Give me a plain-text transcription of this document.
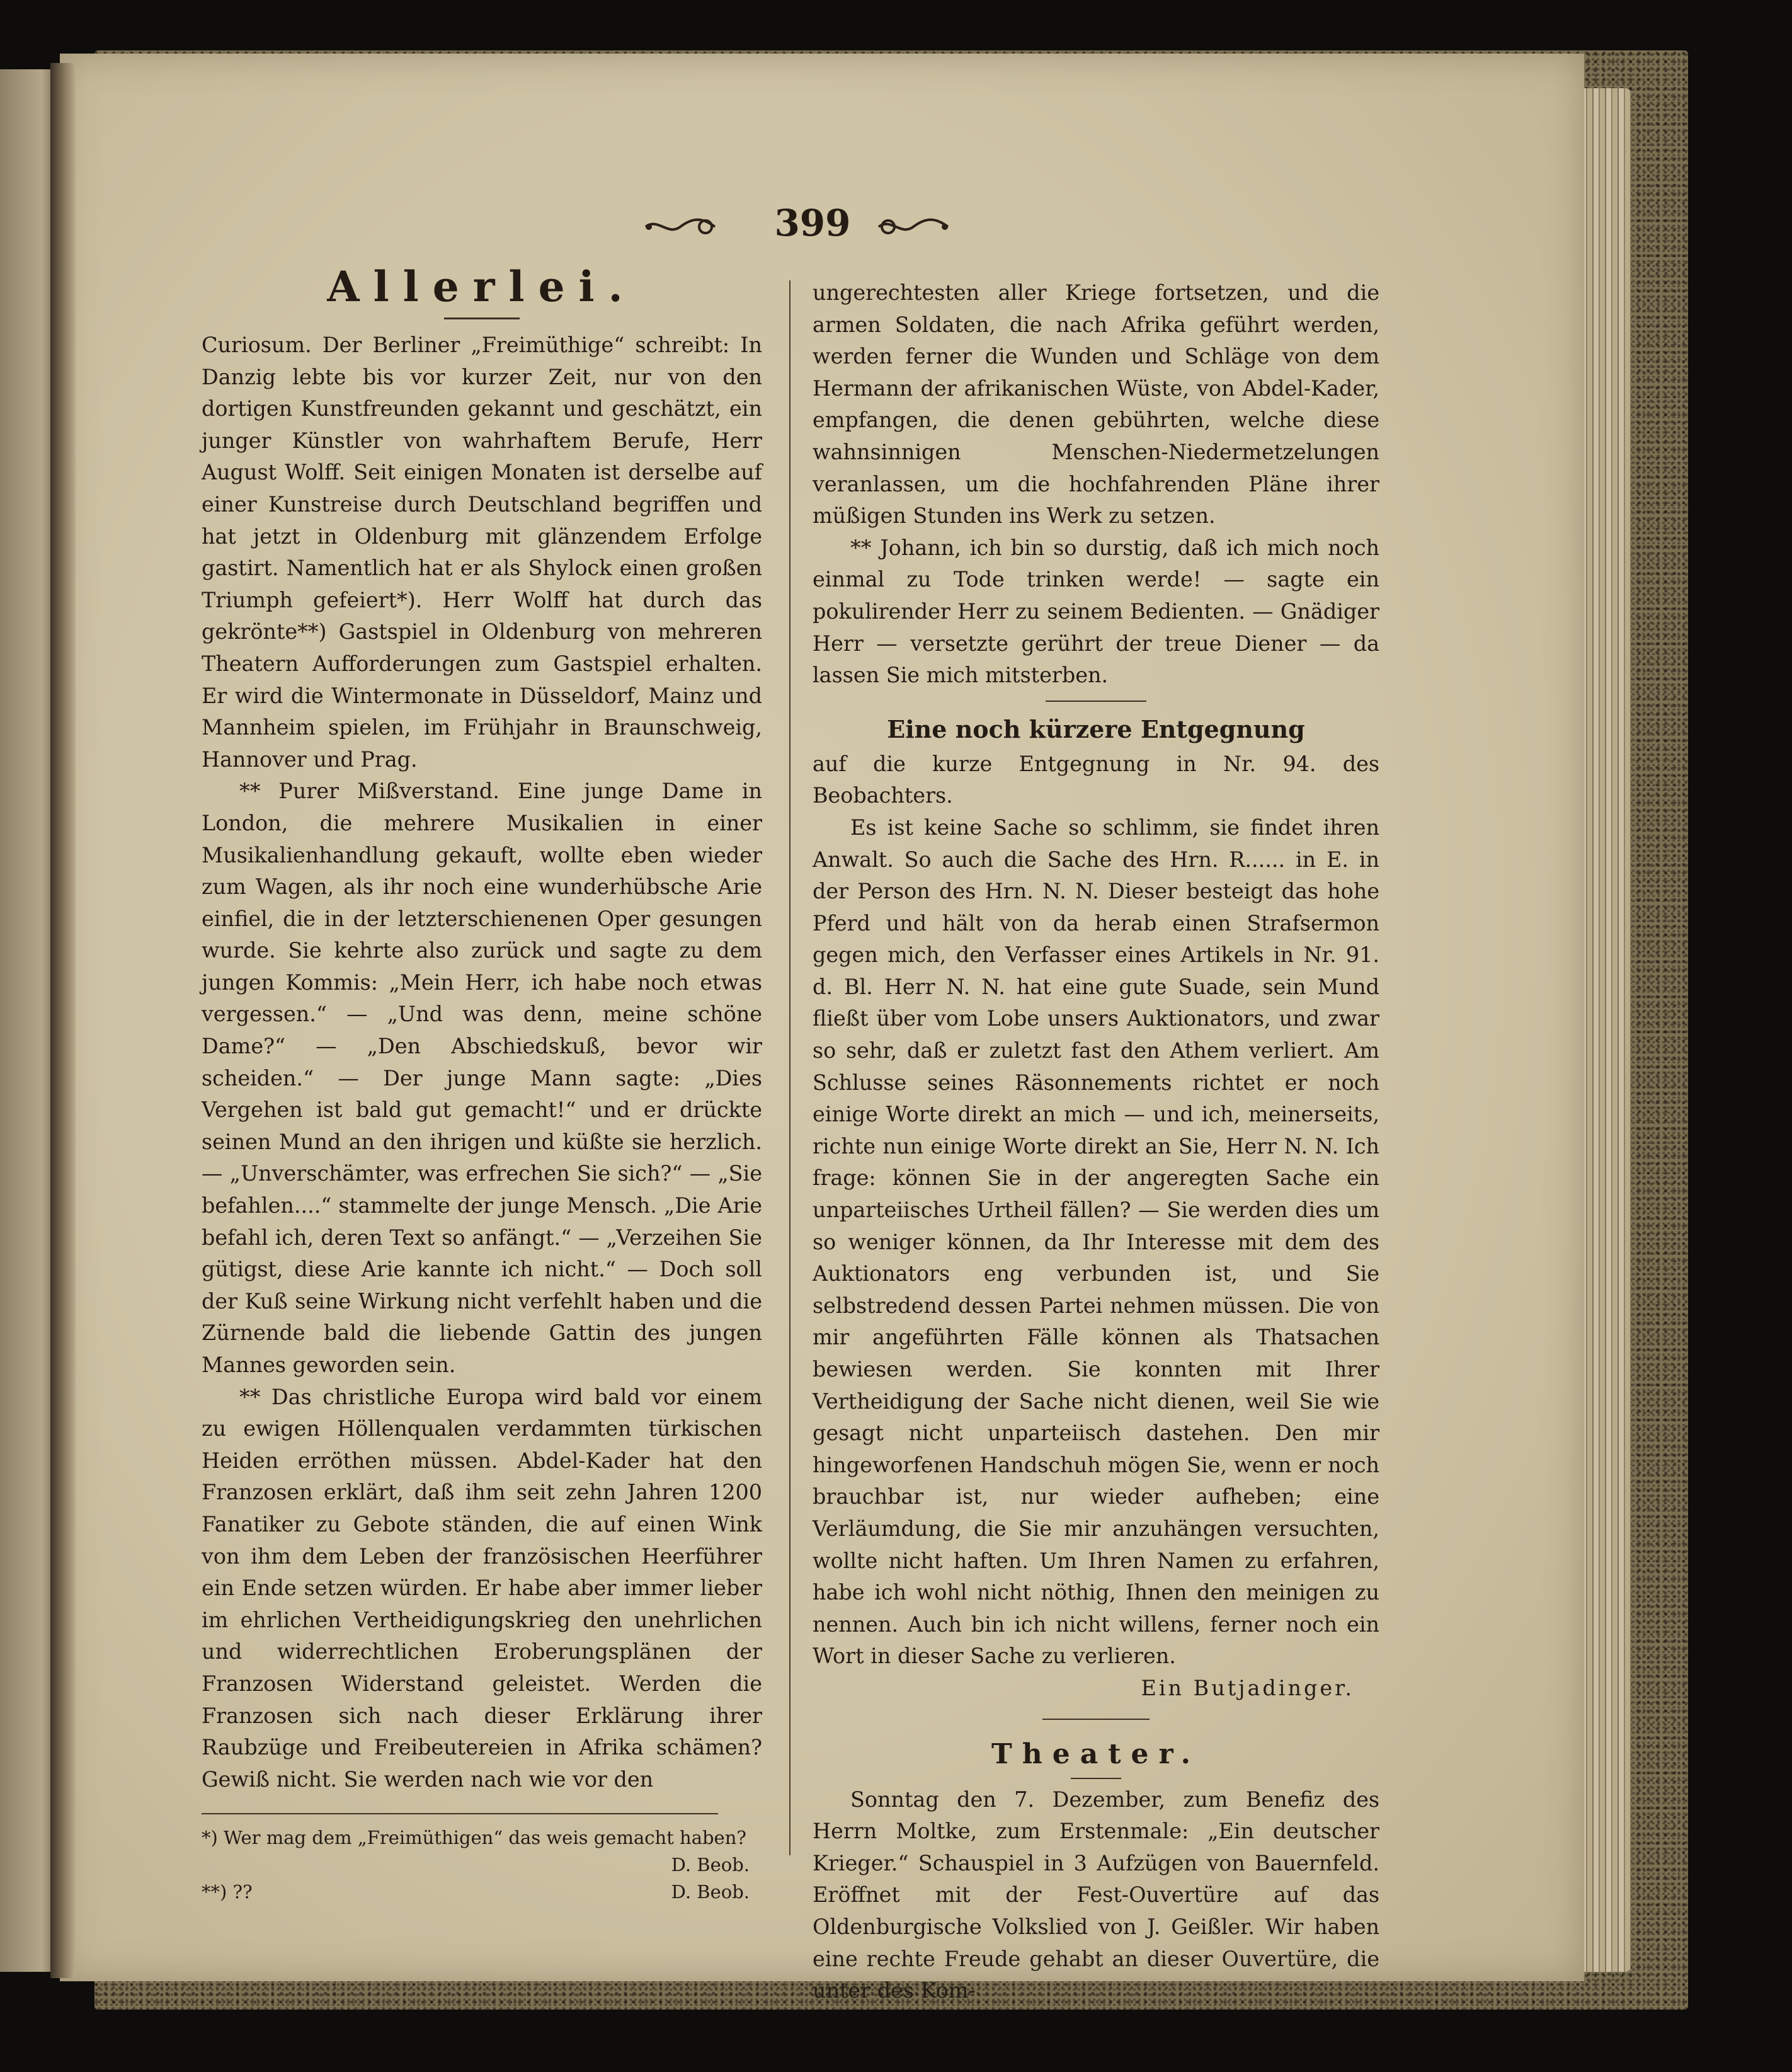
399
Allerlei.

Curiosum. Der Berliner „Freimüthige“ schreibt: In Danzig lebte bis vor kurzer Zeit, nur von den dortigen Kunstfreunden gekannt und geschätzt, ein junger Künstler von wahrhaftem Berufe, Herr August Wolff. Seit einigen Monaten ist derselbe auf einer Kunstreise durch Deutschland begriffen und hat jetzt in Oldenburg mit glänzendem Erfolge gastirt. Namentlich hat er als Shylock einen großen Triumph gefeiert*). Herr Wolff hat durch das gekrönte**) Gastspiel in Oldenburg von mehreren Theatern Aufforderungen zum Gastspiel erhalten. Er wird die Wintermonate in Düsseldorf, Mainz und Mannheim spielen, im Frühjahr in Braunschweig, Hannover und Prag.

** Purer Mißverstand. Eine junge Dame in London, die mehrere Musikalien in einer Musikalienhandlung gekauft, wollte eben wieder zum Wagen, als ihr noch eine wunderhübsche Arie einfiel, die in der letzterschienenen Oper gesungen wurde. Sie kehrte also zurück und sagte zu dem jungen Kommis: „Mein Herr, ich habe noch etwas vergessen.“ — „Und was denn, meine schöne Dame?“ — „Den Abschiedskuß, bevor wir scheiden.“ — Der junge Mann sagte: „Dies Vergehen ist bald gut gemacht!“ und er drückte seinen Mund an den ihrigen und küßte sie herzlich. — „Unverschämter, was erfrechen Sie sich?“ — „Sie befahlen....“ stammelte der junge Mensch. „Die Arie befahl ich, deren Text so anfängt.“ — „Verzeihen Sie gütigst, diese Arie kannte ich nicht.“ — Doch soll der Kuß seine Wirkung nicht verfehlt haben und die Zürnende bald die liebende Gattin des jungen Mannes geworden sein.

** Das christliche Europa wird bald vor einem zu ewigen Höllenqualen verdammten türkischen Heiden erröthen müssen. Abdel-Kader hat den Franzosen erklärt, daß ihm seit zehn Jahren 1200 Fanatiker zu Gebote ständen, die auf einen Wink von ihm dem Leben der französischen Heerführer ein Ende setzen würden. Er habe aber immer lieber im ehrlichen Vertheidigungskrieg den unehrlichen und widerrechtlichen Eroberungsplänen der Franzosen Widerstand geleistet. Werden die Franzosen sich nach dieser Erklärung ihrer Raubzüge und Freibeutereien in Afrika schämen? Gewiß nicht. Sie werden nach wie vor den

*) Wer mag dem „Freimüthigen“ das weis gemacht haben?
D. Beob.
**) ??	D. Beob.

ungerechtesten aller Kriege fortsetzen, und die armen Soldaten, die nach Afrika geführt werden, werden ferner die Wunden und Schläge von dem Hermann der afrikanischen Wüste, von Abdel-Kader, empfangen, die denen gebührten, welche diese wahnsinnigen Menschen-Niedermetzelungen veranlassen, um die hochfahrenden Pläne ihrer müßigen Stunden ins Werk zu setzen.

** Johann, ich bin so durstig, daß ich mich noch einmal zu Tode trinken werde! — sagte ein pokulirender Herr zu seinem Bedienten. — Gnädiger Herr — versetzte gerührt der treue Diener — da lassen Sie mich mitsterben.

Eine noch kürzere Entgegnung

auf die kurze Entgegnung in Nr. 94. des Beobachters.

Es ist keine Sache so schlimm, sie findet ihren Anwalt. So auch die Sache des Hrn. R...... in E. in der Person des Hrn. N. N. Dieser besteigt das hohe Pferd und hält von da herab einen Strafsermon gegen mich, den Verfasser eines Artikels in Nr. 91. d. Bl. Herr N. N. hat eine gute Suade, sein Mund fließt über vom Lobe unsers Auktionators, und zwar so sehr, daß er zuletzt fast den Athem verliert. Am Schlusse seines Räsonnements richtet er noch einige Worte direkt an mich — und ich, meinerseits, richte nun einige Worte direkt an Sie, Herr N. N. Ich frage: können Sie in der angeregten Sache ein unparteiisches Urtheil fällen? — Sie werden dies um so weniger können, da Ihr Interesse mit dem des Auktionators eng verbunden ist, und Sie selbstredend dessen Partei nehmen müssen. Die von mir angeführten Fälle können als Thatsachen bewiesen werden. Sie konnten mit Ihrer Vertheidigung der Sache nicht dienen, weil Sie wie gesagt nicht unparteiisch dastehen. Den mir hingeworfenen Handschuh mögen Sie, wenn er noch brauchbar ist, nur wieder aufheben; eine Verläumdung, die Sie mir anzuhängen versuchten, wollte nicht haften. Um Ihren Namen zu erfahren, habe ich wohl nicht nöthig, Ihnen den meinigen zu nennen. Auch bin ich nicht willens, ferner noch ein Wort in dieser Sache zu verlieren.

Ein Butjadinger.

Theater.

Sonntag den 7. Dezember, zum Benefiz des Herrn Moltke, zum Erstenmale: „Ein deutscher Krieger.“ Schauspiel in 3 Aufzügen von Bauernfeld. Eröffnet mit der Fest-Ouvertüre auf das Oldenburgische Volkslied von J. Geißler. Wir haben eine rechte Freude gehabt an dieser Ouvertüre, die unter des Kom-
